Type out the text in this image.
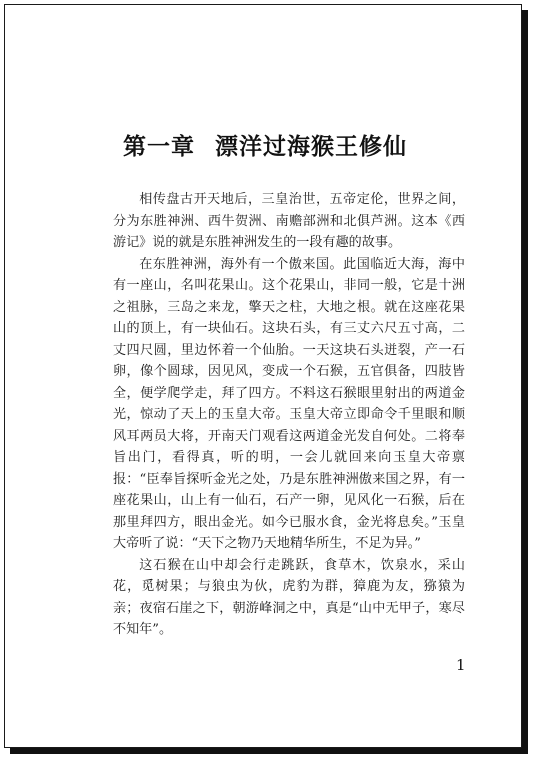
第一章 漂洋过海猴王修仙

相传盘古开天地后，三皇治世，五帝定伦，世界之间，分为东胜神洲、西牛贺洲、南赡部洲和北俱芦洲。这本《西游记》说的就是东胜神洲发生的一段有趣的故事。

在东胜神洲，海外有一个傲来国。此国临近大海，海中有一座山，名叫花果山。这个花果山，非同一般，它是十洲之祖脉，三岛之来龙，擎天之柱，大地之根。就在这座花果山的顶上，有一块仙石。这块石头，有三丈六尺五寸高，二丈四尺圆，里边怀着一个仙胎。一天这块石头迸裂，产一石卵，像个圆球，因见风，变成一个石猴，五官俱备，四肢皆全，便学爬学走，拜了四方。不料这石猴眼里射出的两道金光，惊动了天上的玉皇大帝。玉皇大帝立即命令千里眼和顺风耳两员大将，开南天门观看这两道金光发自何处。二将奉旨出门，看得真，听的明，一会儿就回来向玉皇大帝禀报：“臣奉旨探听金光之处，乃是东胜神洲傲来国之界，有一座花果山，山上有一仙石，石产一卵，见风化一石猴，后在那里拜四方，眼出金光。如今已服水食，金光将息矣。”玉皇大帝听了说：“天下之物乃天地精华所生，不足为异。”

这石猴在山中却会行走跳跃，食草木，饮泉水，采山花，觅树果；与狼虫为伙，虎豹为群，獐鹿为友，猕猿为亲；夜宿石崖之下，朝游峰洞之中，真是“山中无甲子，寒尽不知年”。

1
